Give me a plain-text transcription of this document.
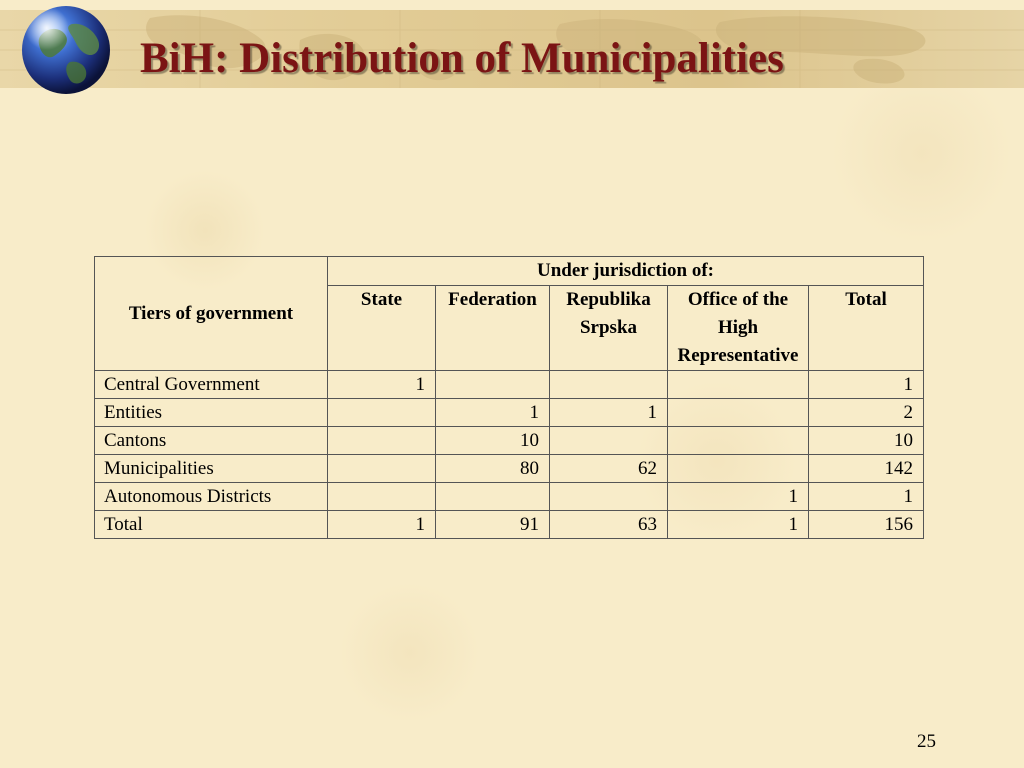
BiH: Distribution of Municipalities
Tiers of government	Under jurisdiction of:				
	State	Federation	Republika Srpska	Office of the High Representative	Total
Central Government	1				1
Entities		1	1		2
Cantons		10			10
Municipalities		80	62		142
Autonomous Districts				1	1
Total	1	91	63	1	156
25
